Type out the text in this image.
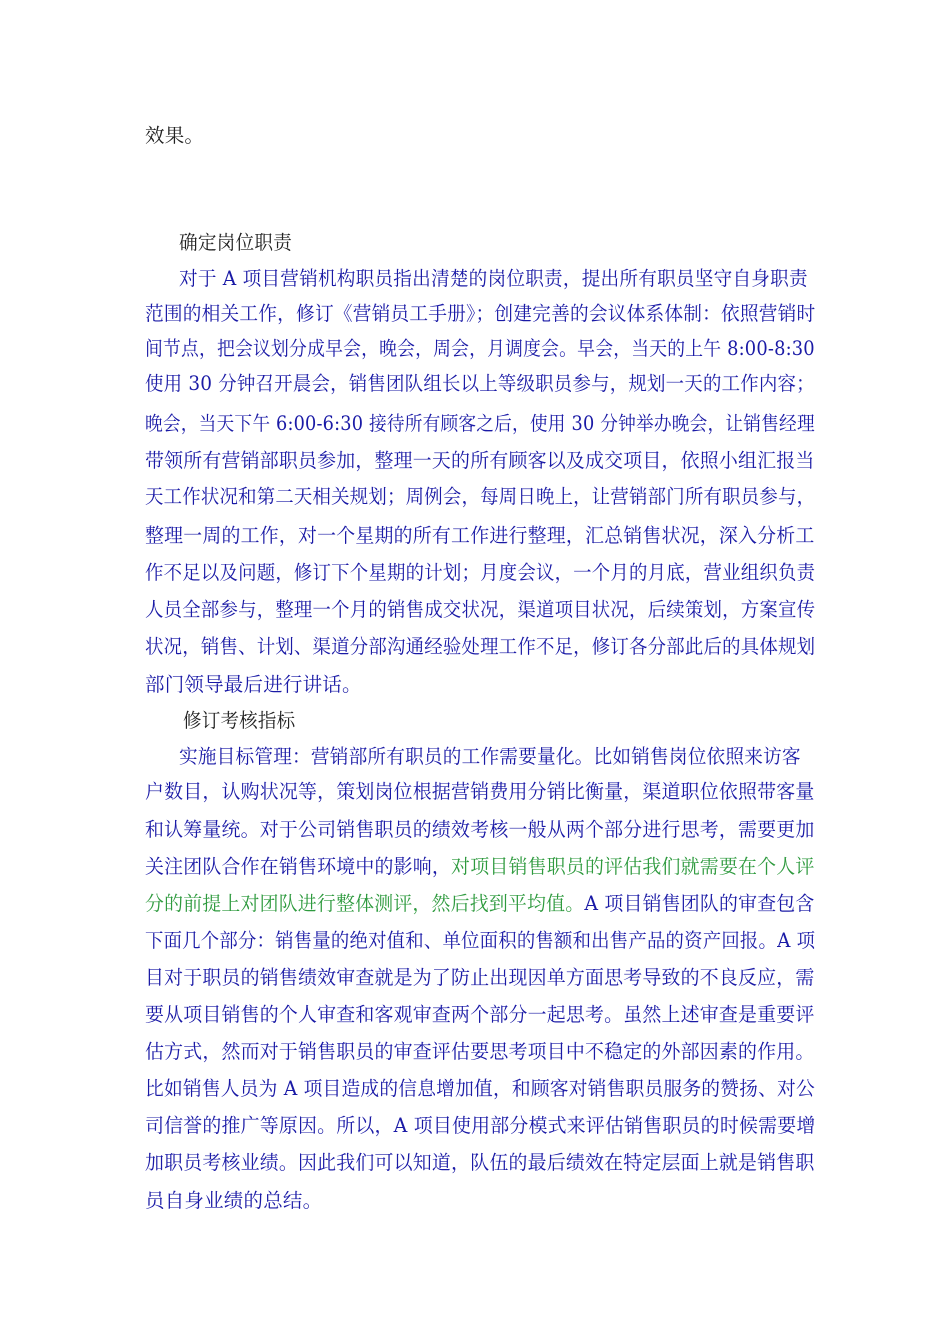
效果。
确定岗位职责
对于 A 项目营销机构职员指出清楚的岗位职责，提出所有职员坚守自身职责
范围的相关工作，修订《营销员工手册》；创建完善的会议体系体制：依照营销时
间节点，把会议划分成早会，晚会，周会，月调度会。早会，当天的上午 8:00-8:30
使用 30 分钟召开晨会，销售团队组长以上等级职员参与，规划一天的工作内容；
晚会，当天下午 6:00-6:30 接待所有顾客之后，使用 30 分钟举办晚会，让销售经理
带领所有营销部职员参加，整理一天的所有顾客以及成交项目，依照小组汇报当
天工作状况和第二天相关规划；周例会，每周日晚上，让营销部门所有职员参与，
整理一周的工作，对一个星期的所有工作进行整理，汇总销售状况，深入分析工
作不足以及问题，修订下个星期的计划；月度会议，一个月的月底，营业组织负责
人员全部参与，整理一个月的销售成交状况，渠道项目状况，后续策划，方案宣传
状况，销售、计划、渠道分部沟通经验处理工作不足，修订各分部此后的具体规划
部门领导最后进行讲话。
修订考核指标
实施目标管理：营销部所有职员的工作需要量化。比如销售岗位依照来访客
户数目，认购状况等，策划岗位根据营销费用分销比衡量，渠道职位依照带客量
和认筹量统。对于公司销售职员的绩效考核一般从两个部分进行思考，需要更加
关注团队合作在销售环境中的影响，对项目销售职员的评估我们就需要在个人评
分的前提上对团队进行整体测评，然后找到平均值。A 项目销售团队的审查包含
下面几个部分：销售量的绝对值和、单位面积的售额和出售产品的资产回报。A 项
目对于职员的销售绩效审查就是为了防止出现因单方面思考导致的不良反应，需
要从项目销售的个人审查和客观审查两个部分一起思考。虽然上述审查是重要评
估方式，然而对于销售职员的审查评估要思考项目中不稳定的外部因素的作用。
比如销售人员为 A 项目造成的信息增加值，和顾客对销售职员服务的赞扬、对公
司信誉的推广等原因。所以，A 项目使用部分模式来评估销售职员的时候需要增
加职员考核业绩。因此我们可以知道，队伍的最后绩效在特定层面上就是销售职
员自身业绩的总结。
